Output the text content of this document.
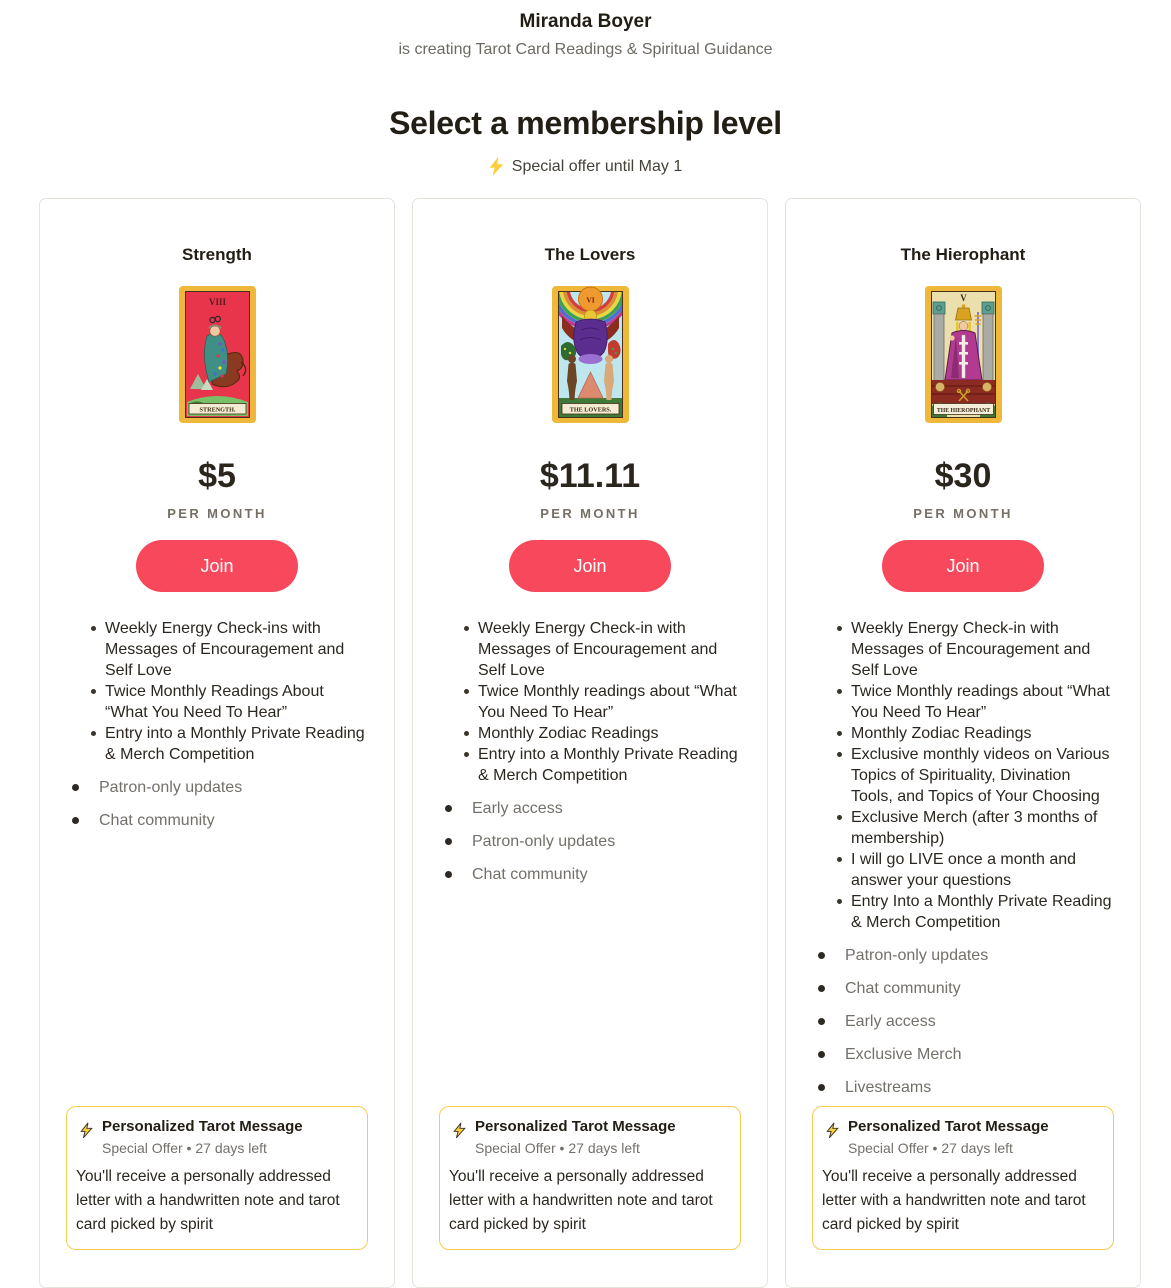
Miranda Boyer
is creating Tarot Card Readings & Spiritual Guidance
Select a membership level
Special offer until May 1
Strength
VIII
STRENGTH.
$5
PER MONTH
Join
Weekly Energy Check-ins with Messages of Encouragement and Self Love
Twice Monthly Readings About “What You Need To Hear”
Entry into a Monthly Private Reading & Merch Competition
Patron-only updates
Chat community
Personalized Tarot Message
Special Offer • 27 days left
You'll receive a personally addressed letter with a handwritten note and tarot card picked by spirit
The Lovers
VI
THE LOVERS.
$11.11
PER MONTH
Join
Weekly Energy Check-in with Messages of Encouragement and Self Love
Twice Monthly readings about “What You Need To Hear”
Monthly Zodiac Readings
Entry into a Monthly Private Reading & Merch Competition
Early access
Patron-only updates
Chat community
Personalized Tarot Message
Special Offer • 27 days left
You'll receive a personally addressed letter with a handwritten note and tarot card picked by spirit
The Hierophant
V
THE HIEROPHANT
$30
PER MONTH
Join
Weekly Energy Check-in with Messages of Encouragement and Self Love
Twice Monthly readings about “What You Need To Hear”
Monthly Zodiac Readings
Exclusive monthly videos on Various Topics of Spirituality, Divination Tools, and Topics of Your Choosing
Exclusive Merch (after 3 months of membership)
I will go LIVE once a month and answer your questions
Entry Into a Monthly Private Reading & Merch Competition
Patron-only updates
Chat community
Early access
Exclusive Merch
Livestreams
Personalized Tarot Message
Special Offer • 27 days left
You'll receive a personally addressed letter with a handwritten note and tarot card picked by spirit
